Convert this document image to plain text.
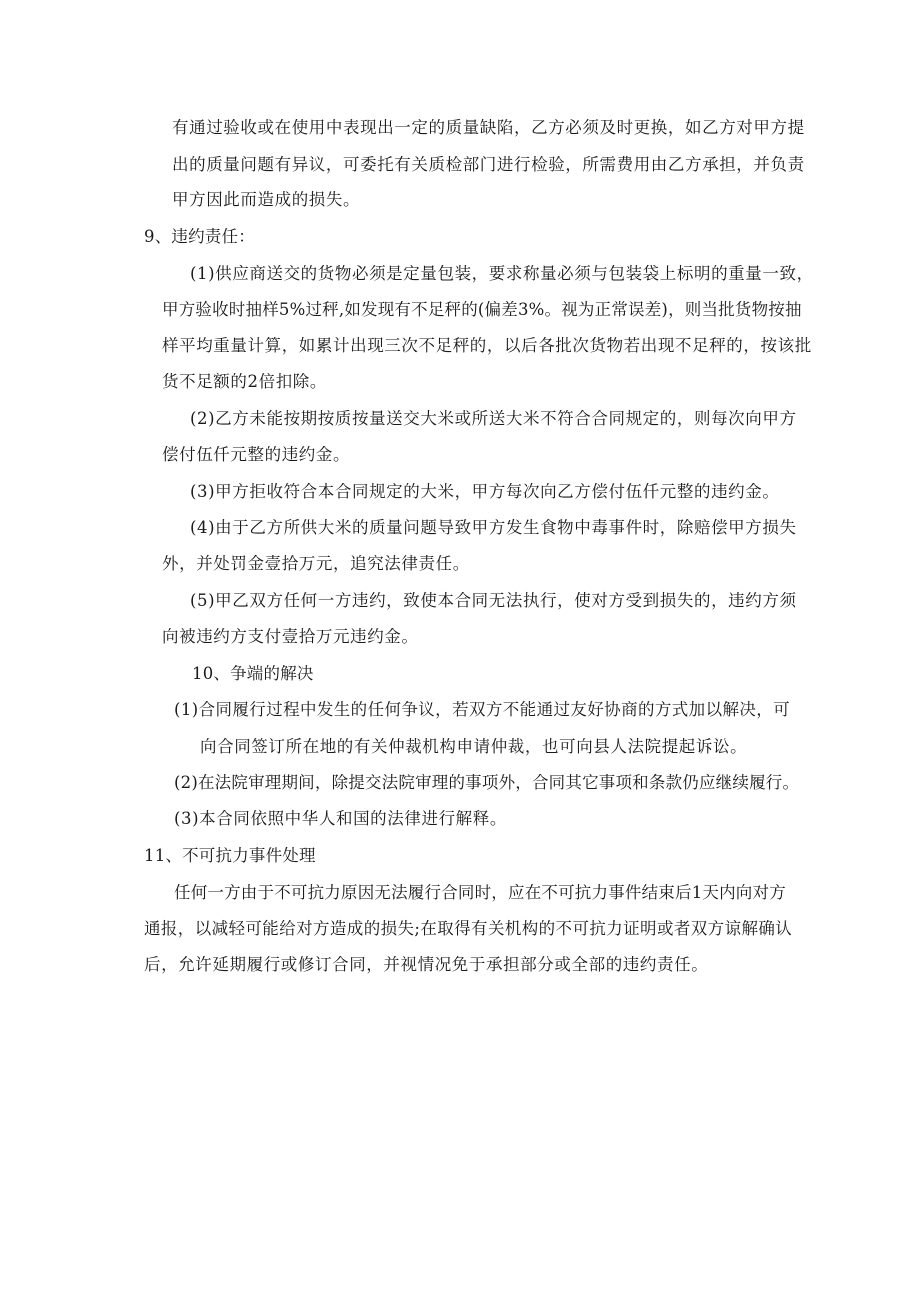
有通过验收或在使用中表现出一定的质量缺陷，乙方必须及时更换，如乙方对甲方提

出的质量问题有异议，可委托有关质检部门进行检验，所需费用由乙方承担，并负责

甲方因此而造成的损失。

9、违约责任：

(1)供应商送交的货物必须是定量包装，要求称量必须与包装袋上标明的重量一致，

甲方验收时抽样5%过秤,如发现有不足秤的(偏差3%。视为正常误差)，则当批货物按抽

样平均重量计算，如累计出现三次不足秤的，以后各批次货物若出现不足秤的，按该批

货不足额的2倍扣除。

(2)乙方未能按期按质按量送交大米或所送大米不符合合同规定的，则每次向甲方

偿付伍仟元整的违约金。

(3)甲方拒收符合本合同规定的大米，甲方每次向乙方偿付伍仟元整的违约金。

(4)由于乙方所供大米的质量问题导致甲方发生食物中毒事件时，除赔偿甲方损失

外，并处罚金壹拾万元，追究法律责任。

(5)甲乙双方任何一方违约，致使本合同无法执行，使对方受到损失的，违约方须

向被违约方支付壹拾万元违约金。

10、争端的解决

(1)合同履行过程中发生的任何争议，若双方不能通过友好协商的方式加以解决，可

向合同签订所在地的有关仲裁机构申请仲裁，也可向县人法院提起诉讼。

(2)在法院审理期间，除提交法院审理的事项外，合同其它事项和条款仍应继续履行。

(3)本合同依照中华人和国的法律进行解释。

11、不可抗力事件处理

任何一方由于不可抗力原因无法履行合同时，应在不可抗力事件结束后1天内向对方

通报，以减轻可能给对方造成的损失;在取得有关机构的不可抗力证明或者双方谅解确认

后，允许延期履行或修订合同，并视情况免于承担部分或全部的违约责任。
